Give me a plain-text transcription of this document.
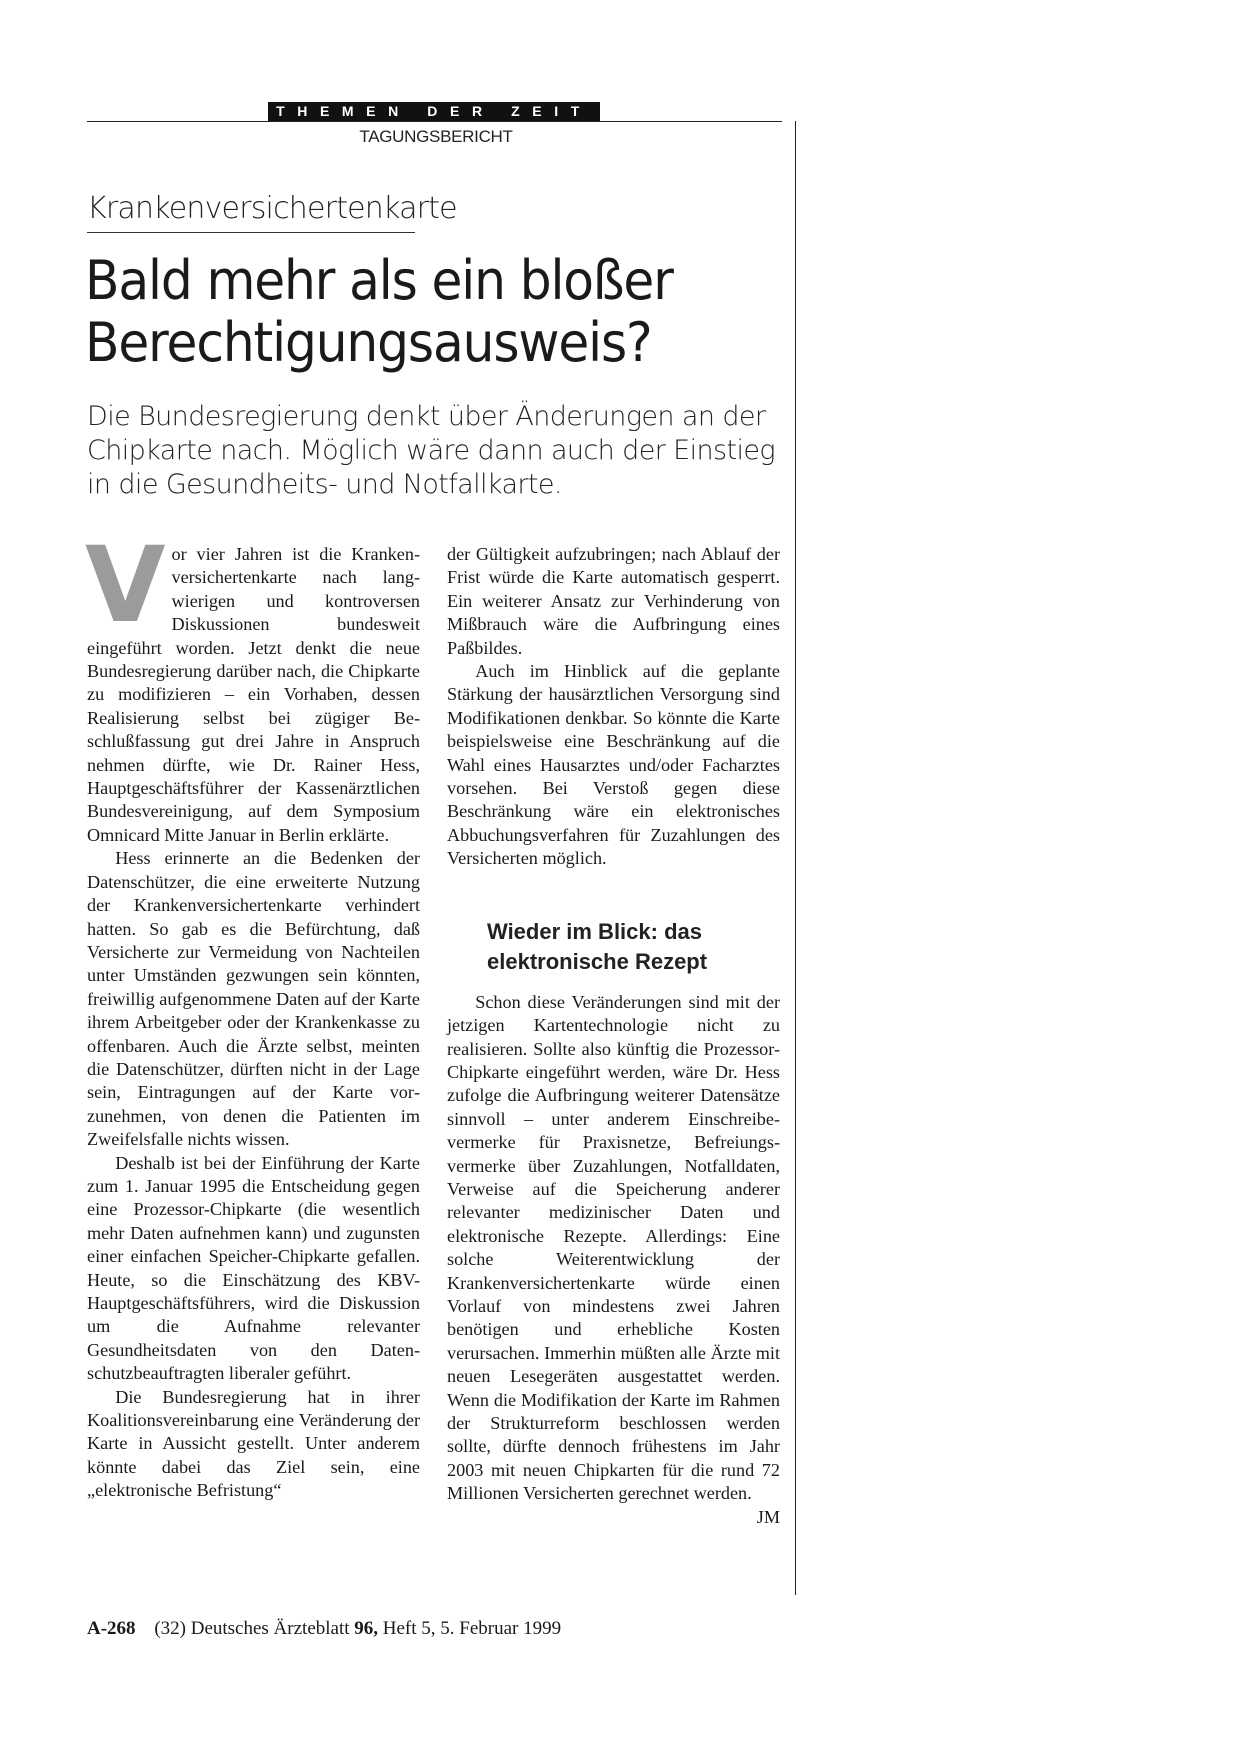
THEMEN DER ZEIT
TAGUNGSBERICHT
Krankenversichertenkarte
Bald mehr als ein bloßer
Berechtigungsausweis?
Die Bundesregierung denkt über Änderungen an der
Chipkarte nach. Möglich wäre dann auch der Einstieg
in die Gesundheits- und Notfallkarte.

Vor vier Jahren ist die Krankenversichertenkarte nach langwierigen und kontroversen Diskussionen bundesweit eingeführt worden. Jetzt denkt die neue Bundesregierung darüber nach, die Chipkarte zu modifizieren – ein Vorhaben, dessen Realisierung selbst bei zügiger Beschlußfassung gut drei Jahre in Anspruch nehmen dürfte, wie Dr. Rainer Hess, Hauptgeschäftsführer der Kassenärztlichen Bundesvereinigung, auf dem Symposium Omnicard Mitte Januar in Berlin erklärte.

Hess erinnerte an die Bedenken der Datenschützer, die eine erweiterte Nutzung der Krankenversichertenkarte verhindert hatten. So gab es die Befürchtung, daß Versicherte zur Vermeidung von Nachteilen unter Umständen gezwungen sein könnten, freiwillig aufgenommene Daten auf der Karte ihrem Arbeitgeber oder der Krankenkasse zu offenbaren. Auch die Ärzte selbst, meinten die Datenschützer, dürften nicht in der Lage sein, Eintragungen auf der Karte vorzunehmen, von denen die Patienten im Zweifelsfalle nichts wissen.

Deshalb ist bei der Einführung der Karte zum 1. Januar 1995 die Entscheidung gegen eine Prozessor-Chipkarte (die wesentlich mehr Daten aufnehmen kann) und zugunsten einer einfachen Speicher-Chipkarte gefallen. Heute, so die Einschätzung des KBV-Hauptgeschäftsführers, wird die Diskussion um die Aufnahme relevanter Gesundheitsdaten von den Datenschutzbeauftragten liberaler geführt.

Die Bundesregierung hat in ihrer Koalitionsvereinbarung eine Veränderung der Karte in Aussicht gestellt. Unter anderem könnte dabei das Ziel sein, eine „elektronische Befristung“

der Gültigkeit aufzubringen; nach Ablauf der Frist würde die Karte automatisch gesperrt. Ein weiterer Ansatz zur Verhinderung von Mißbrauch wäre die Aufbringung eines Paßbildes.

Auch im Hinblick auf die geplante Stärkung der hausärztlichen Versorgung sind Modifikationen denkbar. So könnte die Karte beispielsweise eine Beschränkung auf die Wahl eines Hausarztes und/oder Facharztes vorsehen. Bei Verstoß gegen diese Beschränkung wäre ein elektronisches Abbuchungsverfahren für Zuzahlungen des Versicherten möglich.

Wieder im Blick: das
elektronische Rezept

Schon diese Veränderungen sind mit der jetzigen Kartentechnologie nicht zu realisieren. Sollte also künftig die Prozessor-Chipkarte eingeführt werden, wäre Dr. Hess zufolge die Aufbringung weiterer Datensätze sinnvoll – unter anderem Einschreibevermerke für Praxisnetze, Befreiungsvermerke über Zuzahlungen, Notfalldaten, Verweise auf die Speicherung anderer relevanter medizinischer Daten und elektronische Rezepte. Allerdings: Eine solche Weiterentwicklung der Krankenversichertenkarte würde einen Vorlauf von mindestens zwei Jahren benötigen und erhebliche Kosten verursachen. Immerhin müßten alle Ärzte mit neuen Lesegeräten ausgestattet werden. Wenn die Modifikation der Karte im Rahmen der Strukturreform beschlossen werden sollte, dürfte dennoch frühestens im Jahr 2003 mit neuen Chipkarten für die rund 72 Millionen Versicherten gerechnet werden.
JM

A-268 (32) Deutsches Ärzteblatt 96, Heft 5, 5. Februar 1999
